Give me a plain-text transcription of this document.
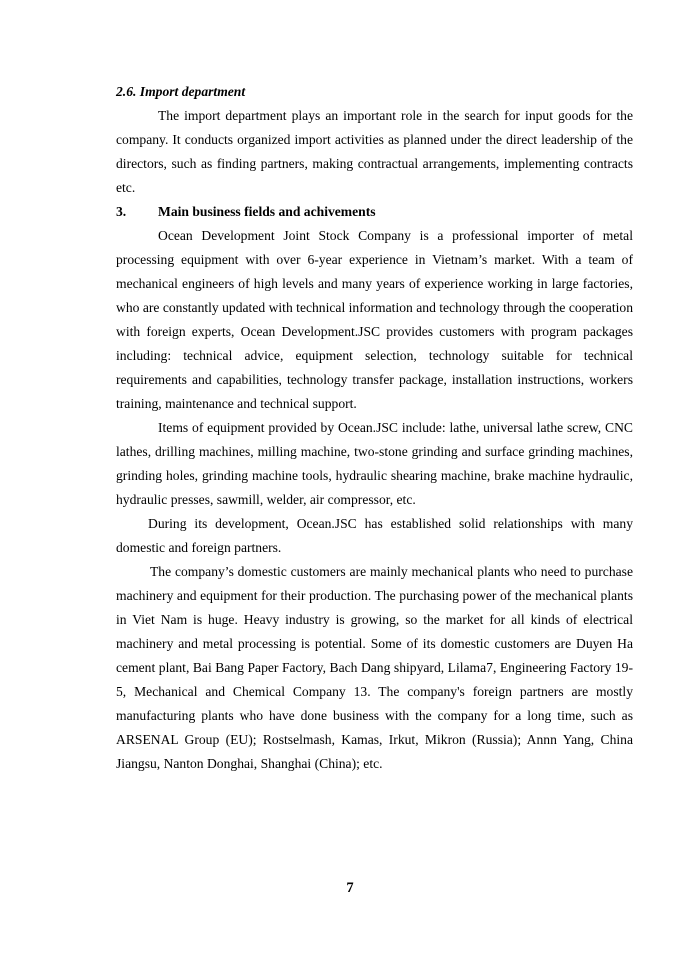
2.6. Import department

The import department plays an important role in the search for input goods for the company. It conducts organized import activities as planned under the direct leadership of the directors, such as finding partners, making contractual arrangements, implementing contracts etc.

3.	Main business fields and achivements

Ocean Development Joint Stock Company is a professional importer of metal processing equipment with over 6-year experience in Vietnam’s market. With a team of mechanical engineers of high levels and many years of experience working in large factories, who are constantly updated with technical information and technology through the cooperation with foreign experts, Ocean Development.JSC provides customers with program packages including: technical advice, equipment selection, technology suitable for technical requirements and capabilities, technology transfer package, installation instructions, workers training, maintenance and technical support.

Items of equipment provided by Ocean.JSC include: lathe, universal lathe screw, CNC lathes, drilling machines, milling machine, two-stone grinding and surface grinding machines, grinding holes, grinding machine tools, hydraulic shearing machine, brake machine hydraulic, hydraulic presses, sawmill, welder, air compressor, etc.

During its development, Ocean.JSC has established solid relationships with many domestic and foreign partners.

The company’s domestic customers are mainly mechanical plants who need to purchase machinery and equipment for their production. The purchasing power of the mechanical plants in Viet Nam is huge. Heavy industry is growing, so the market for all kinds of electrical machinery and metal processing is potential. Some of its domestic customers are Duyen Ha cement plant, Bai Bang Paper Factory, Bach Dang shipyard, Lilama7, Engineering Factory 19-5, Mechanical and Chemical Company 13. The company's foreign partners are mostly manufacturing plants who have done business with the company for a long time, such as ARSENAL Group (EU); Rostselmash, Kamas, Irkut, Mikron (Russia); Annn Yang, China Jiangsu, Nanton Donghai, Shanghai (China); etc.

7
